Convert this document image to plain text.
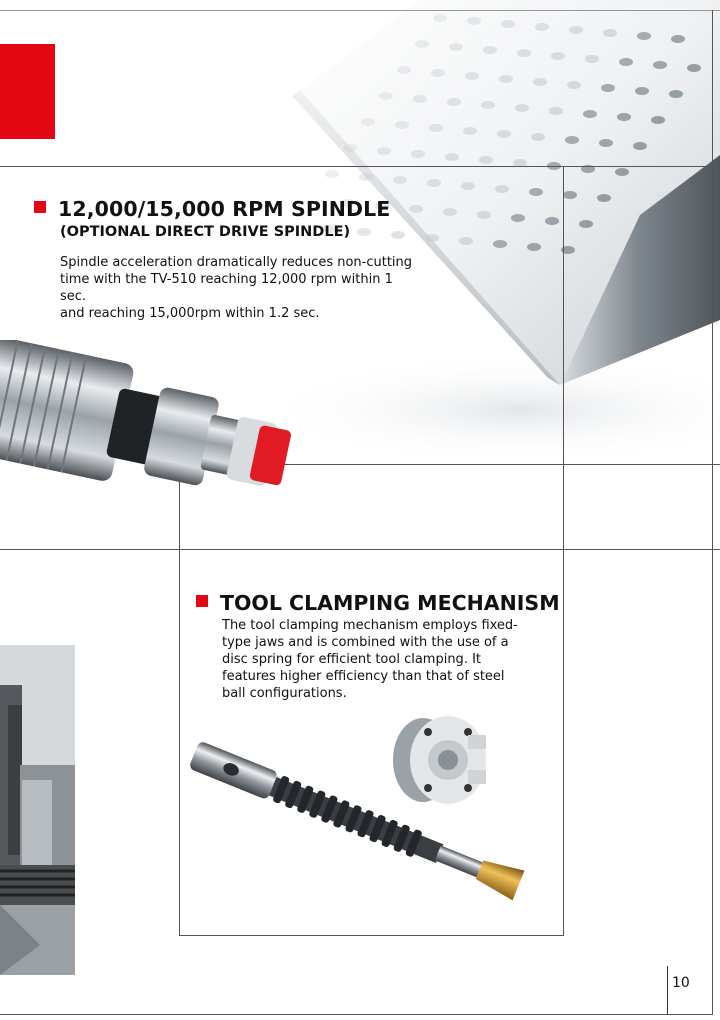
12,000/15,000 RPM SPINDLE
(OPTIONAL DIRECT DRIVE SPINDLE)
Spindle acceleration dramatically reduces non-cutting
time with the TV-510 reaching 12,000 rpm within 1 sec.
and reaching 15,000rpm within 1.2 sec.
TOOL CLAMPING MECHANISM
The tool clamping mechanism employs fixed-
type jaws and is combined with the use of a
disc spring for efficient tool clamping. It
features higher efficiency than that of steel
ball configurations.
10
